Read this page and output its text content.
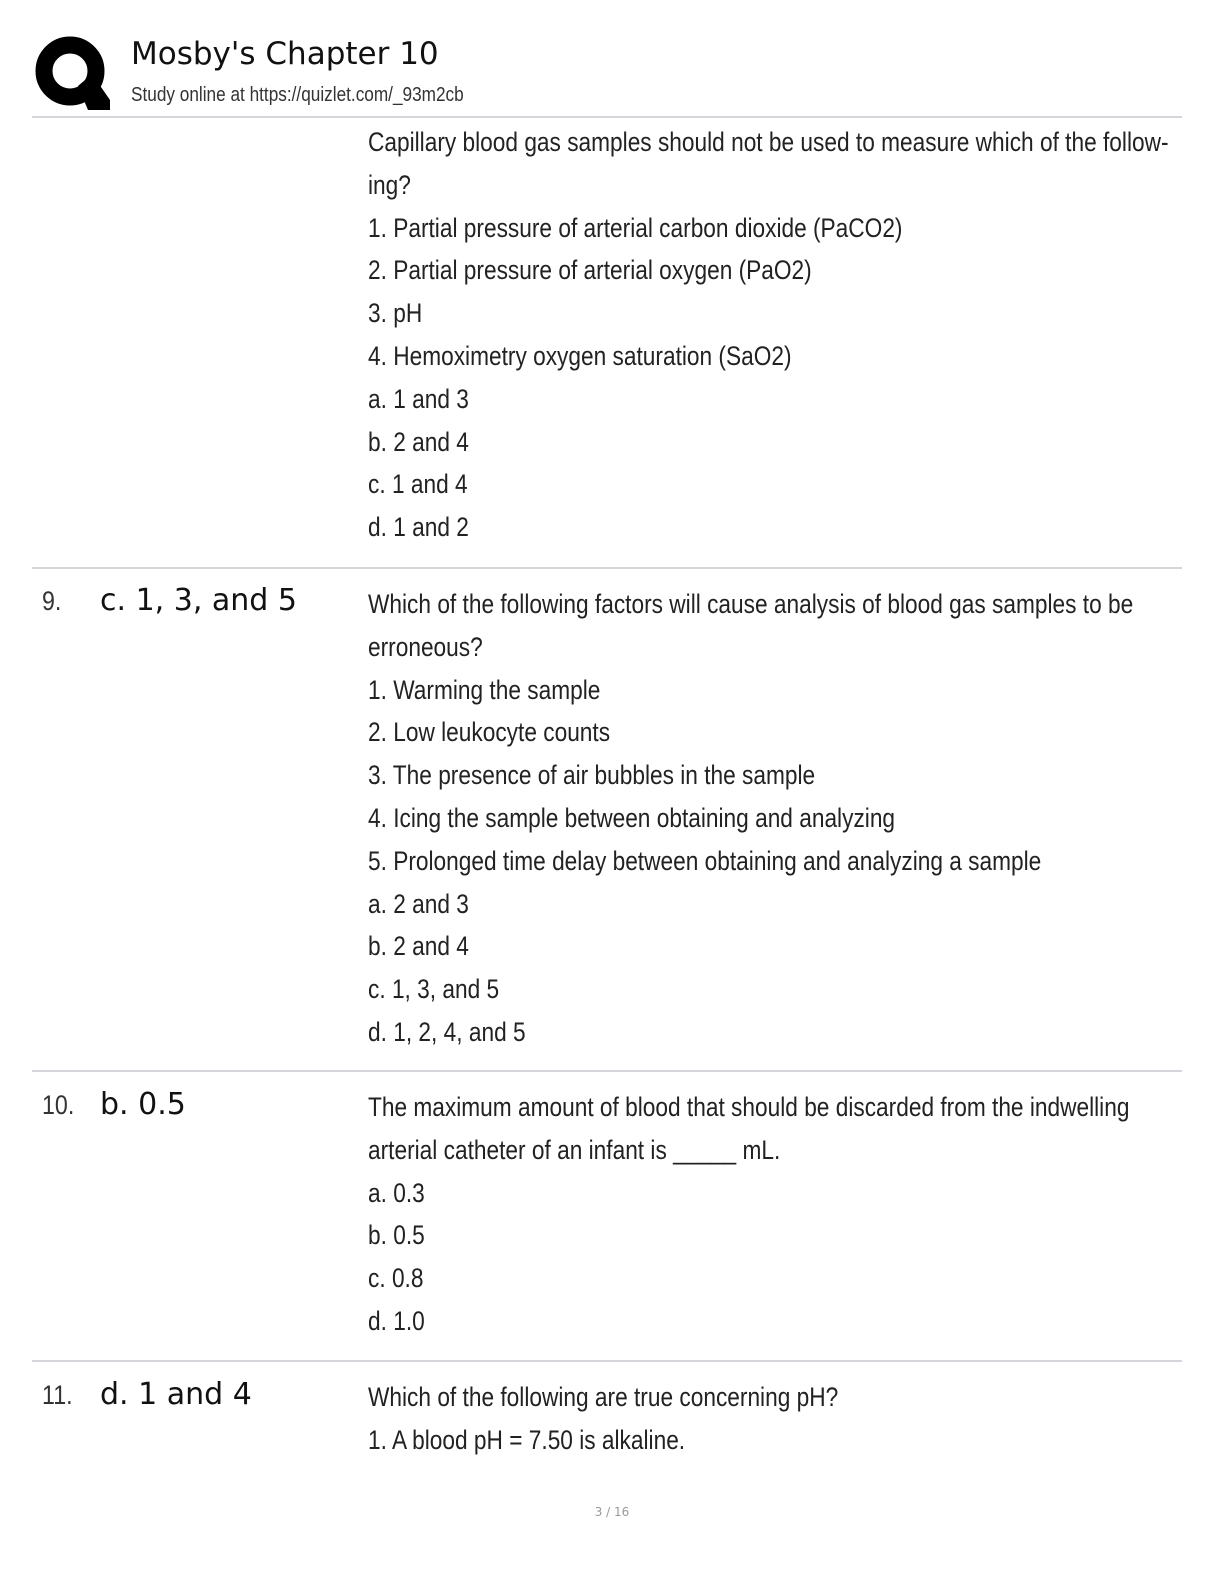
Mosby's Chapter 10
Study online at https://quizlet.com/_93m2cb
Capillary blood gas samples should not be used to measure which of the follow-
ing?
1. Partial pressure of arterial carbon dioxide (PaCO2)
2. Partial pressure of arterial oxygen (PaO2)
3. pH
4. Hemoximetry oxygen saturation (SaO2)
a. 1 and 3
b. 2 and 4
c. 1 and 4
d. 1 and 2
9. c. 1, 3, and 5	Which of the following factors will cause analysis of blood gas samples to be
erroneous?
1. Warming the sample
2. Low leukocyte counts
3. The presence of air bubbles in the sample
4. Icing the sample between obtaining and analyzing
5. Prolonged time delay between obtaining and analyzing a sample
a. 2 and 3
b. 2 and 4
c. 1, 3, and 5
d. 1, 2, 4, and 5
10. b. 0.5	The maximum amount of blood that should be discarded from the indwelling
arterial catheter of an infant is _____ mL.
a. 0.3
b. 0.5
c. 0.8
d. 1.0
11. d. 1 and 4	Which of the following are true concerning pH?
1. A blood pH = 7.50 is alkaline.
3 / 16
